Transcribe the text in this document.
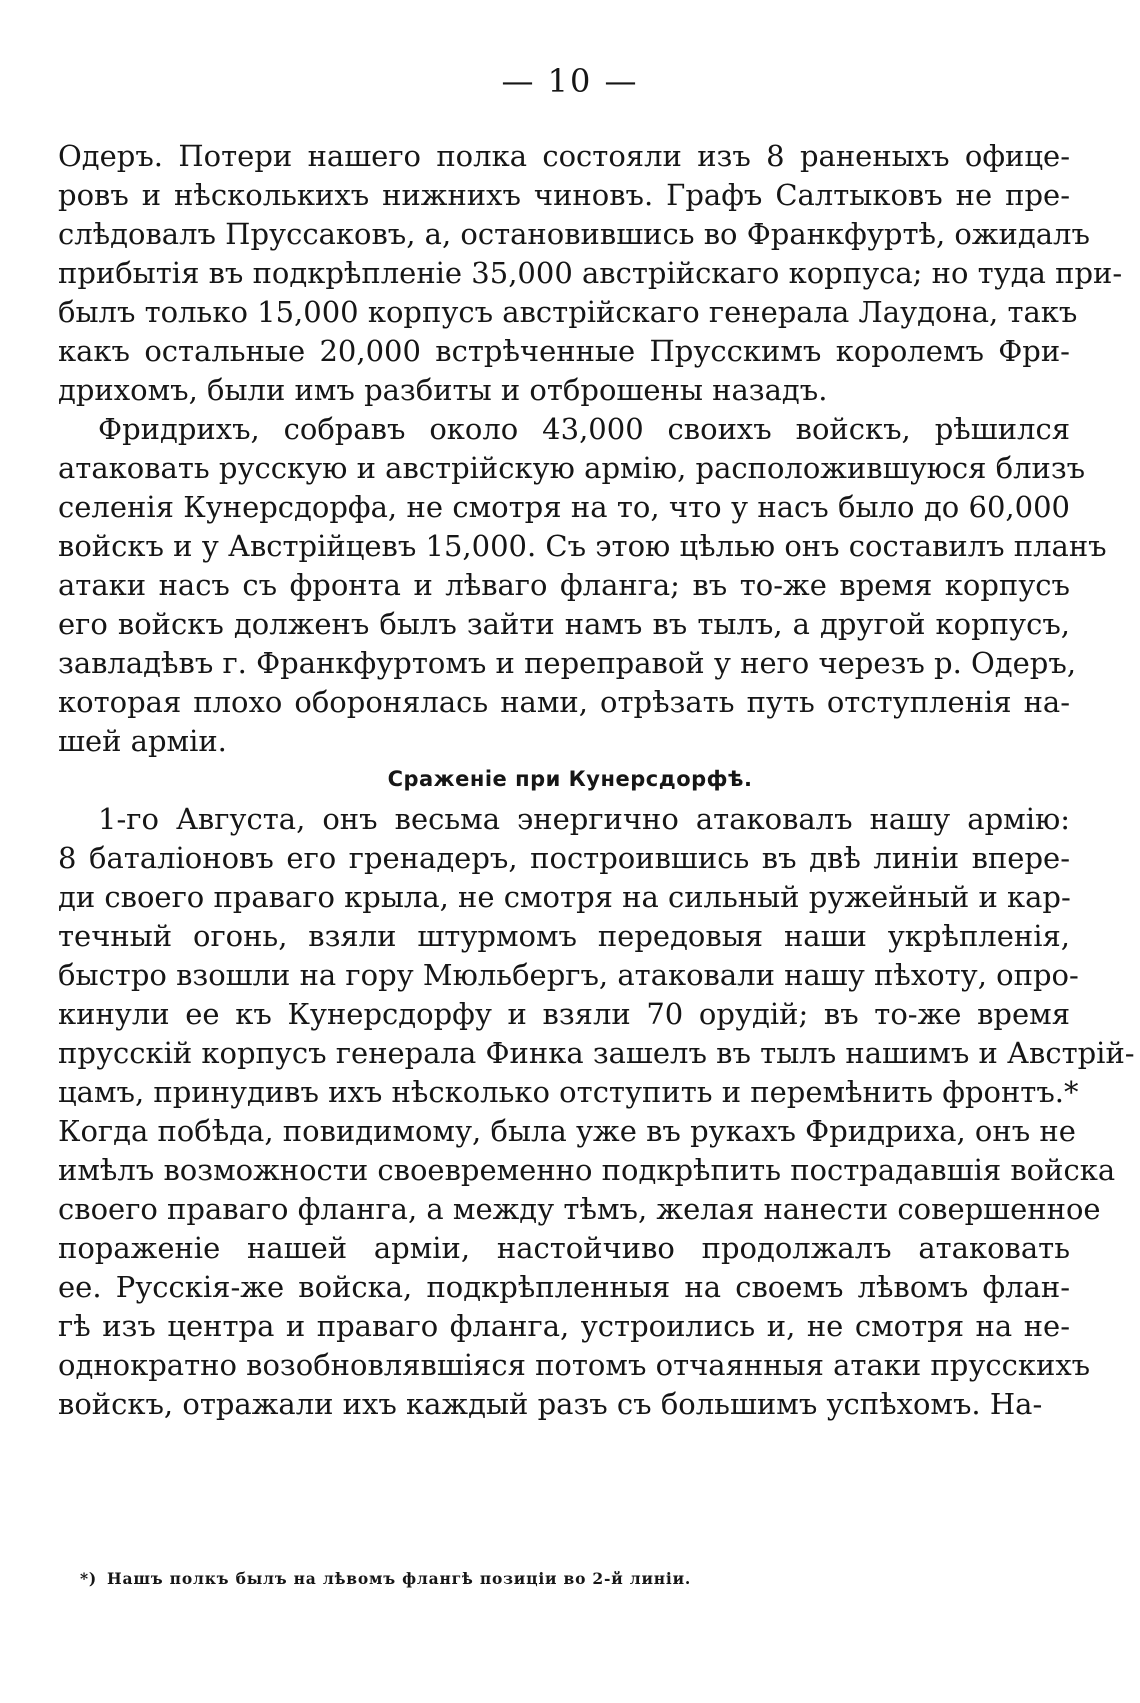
— 10 —
Одеръ. Потери нашего полка состояли изъ 8 раненыхъ офице-
ровъ и нѣсколькихъ нижнихъ чиновъ. Графъ Салтыковъ не пре-
слѣдовалъ Пруссаковъ, а, остановившись во Франкфуртѣ, ожидалъ
прибытія въ подкрѣпленіе 35,000 австрійскаго корпуса; но туда при-
былъ только 15,000 корпусъ австрійскаго генерала Лаудона, такъ
какъ остальные 20,000 встрѣченные Прусскимъ королемъ Фри-
дрихомъ, были имъ разбиты и отброшены назадъ.
Фридрихъ, собравъ около 43,000 своихъ войскъ, рѣшился
атаковать русскую и австрійскую армію, расположившуюся близъ
селенія Кунерсдорфа, не смотря на то, что у насъ было до 60,000
войскъ и у Австрійцевъ 15,000. Съ этою цѣлью онъ составилъ планъ
атаки насъ съ фронта и лѣваго фланга; въ то-же время корпусъ
его войскъ долженъ былъ зайти намъ въ тылъ, а другой корпусъ,
завладѣвъ г. Франкфуртомъ и переправой у него черезъ р. Одеръ,
которая плохо оборонялась нами, отрѣзать путь отступленія на-
шей арміи.
Сраженіе при Кунерсдорфѣ.
1-го Августа, онъ весьма энергично атаковалъ нашу армію:
8 баталіоновъ его гренадеръ, построившись въ двѣ линіи впере-
ди своего праваго крыла, не смотря на сильный ружейный и кар-
течный огонь, взяли штурмомъ передовыя наши укрѣпленія,
быстро взошли на гору Мюльбергъ, атаковали нашу пѣхоту, опро-
кинули ее къ Кунерсдорфу и взяли 70 орудій; въ то-же время
прусскій корпусъ генерала Финка зашелъ въ тылъ нашимъ и Австрій-
цамъ, принудивъ ихъ нѣсколько отступить и перемѣнить фронтъ.*
Когда побѣда, повидимому, была уже въ рукахъ Фридриха, онъ не
имѣлъ возможности своевременно подкрѣпить пострадавшія войска
своего праваго фланга, а между тѣмъ, желая нанести совершенное
пораженіе нашей арміи, настойчиво продолжалъ атаковать
ее. Русскія-же войска, подкрѣпленныя на своемъ лѣвомъ флан-
гѣ изъ центра и праваго фланга, устроились и, не смотря на не-
однократно возобновлявшіяся потомъ отчаянныя атаки прусскихъ
войскъ, отражали ихъ каждый разъ съ большимъ успѣхомъ. На-
*) Нашъ полкъ былъ на лѣвомъ флангѣ позиціи во 2-й линіи.
